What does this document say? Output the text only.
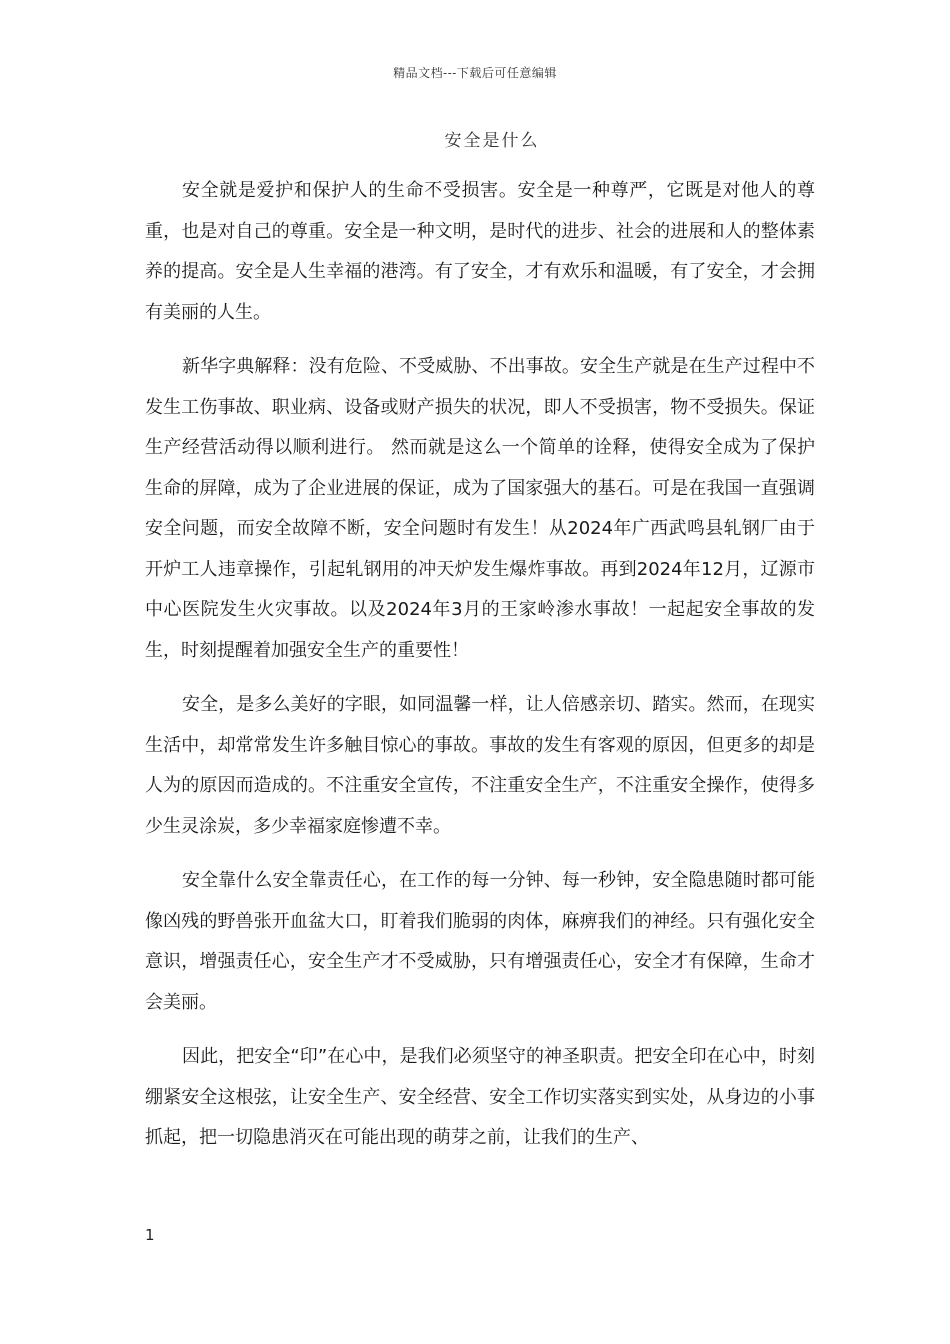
精品文档---下载后可任意编辑
安全是什么

安全就是爱护和保护人的生命不受损害。安全是一种尊严，它既是对他人的尊重，也是对自己的尊重。安全是一种文明，是时代的进步、社会的进展和人的整体素养的提高。安全是人生幸福的港湾。有了安全，才有欢乐和温暖，有了安全，才会拥有美丽的人生。

新华字典解释：没有危险、不受威胁、不出事故。安全生产就是在生产过程中不发生工伤事故、职业病、设备或财产损失的状况，即人不受损害，物不受损失。保证生产经营活动得以顺利进行。 然而就是这么一个简单的诠释，使得安全成为了保护生命的屏障，成为了企业进展的保证，成为了国家强大的基石。可是在我国一直强调安全问题，而安全故障不断，安全问题时有发生！从2024年广西武鸣县轧钢厂由于开炉工人违章操作，引起轧钢用的冲天炉发生爆炸事故。再到2024年12月，辽源市中心医院发生火灾事故。以及2024年3月的王家岭渗水事故！一起起安全事故的发生，时刻提醒着加强安全生产的重要性！

安全，是多么美好的字眼，如同温馨一样，让人倍感亲切、踏实。然而，在现实生活中，却常常发生许多触目惊心的事故。事故的发生有客观的原因，但更多的却是人为的原因而造成的。不注重安全宣传，不注重安全生产，不注重安全操作，使得多少生灵涂炭，多少幸福家庭惨遭不幸。

安全靠什么安全靠责任心，在工作的每一分钟、每一秒钟，安全隐患随时都可能像凶残的野兽张开血盆大口，盯着我们脆弱的肉体，麻痹我们的神经。只有强化安全意识，增强责任心，安全生产才不受威胁，只有增强责任心，安全才有保障，生命才会美丽。

因此，把安全“印”在心中，是我们必须坚守的神圣职责。把安全印在心中，时刻绷紧安全这根弦，让安全生产、安全经营、安全工作切实落实到实处，从身边的小事抓起，把一切隐患消灭在可能出现的萌芽之前，让我们的生产、

1
